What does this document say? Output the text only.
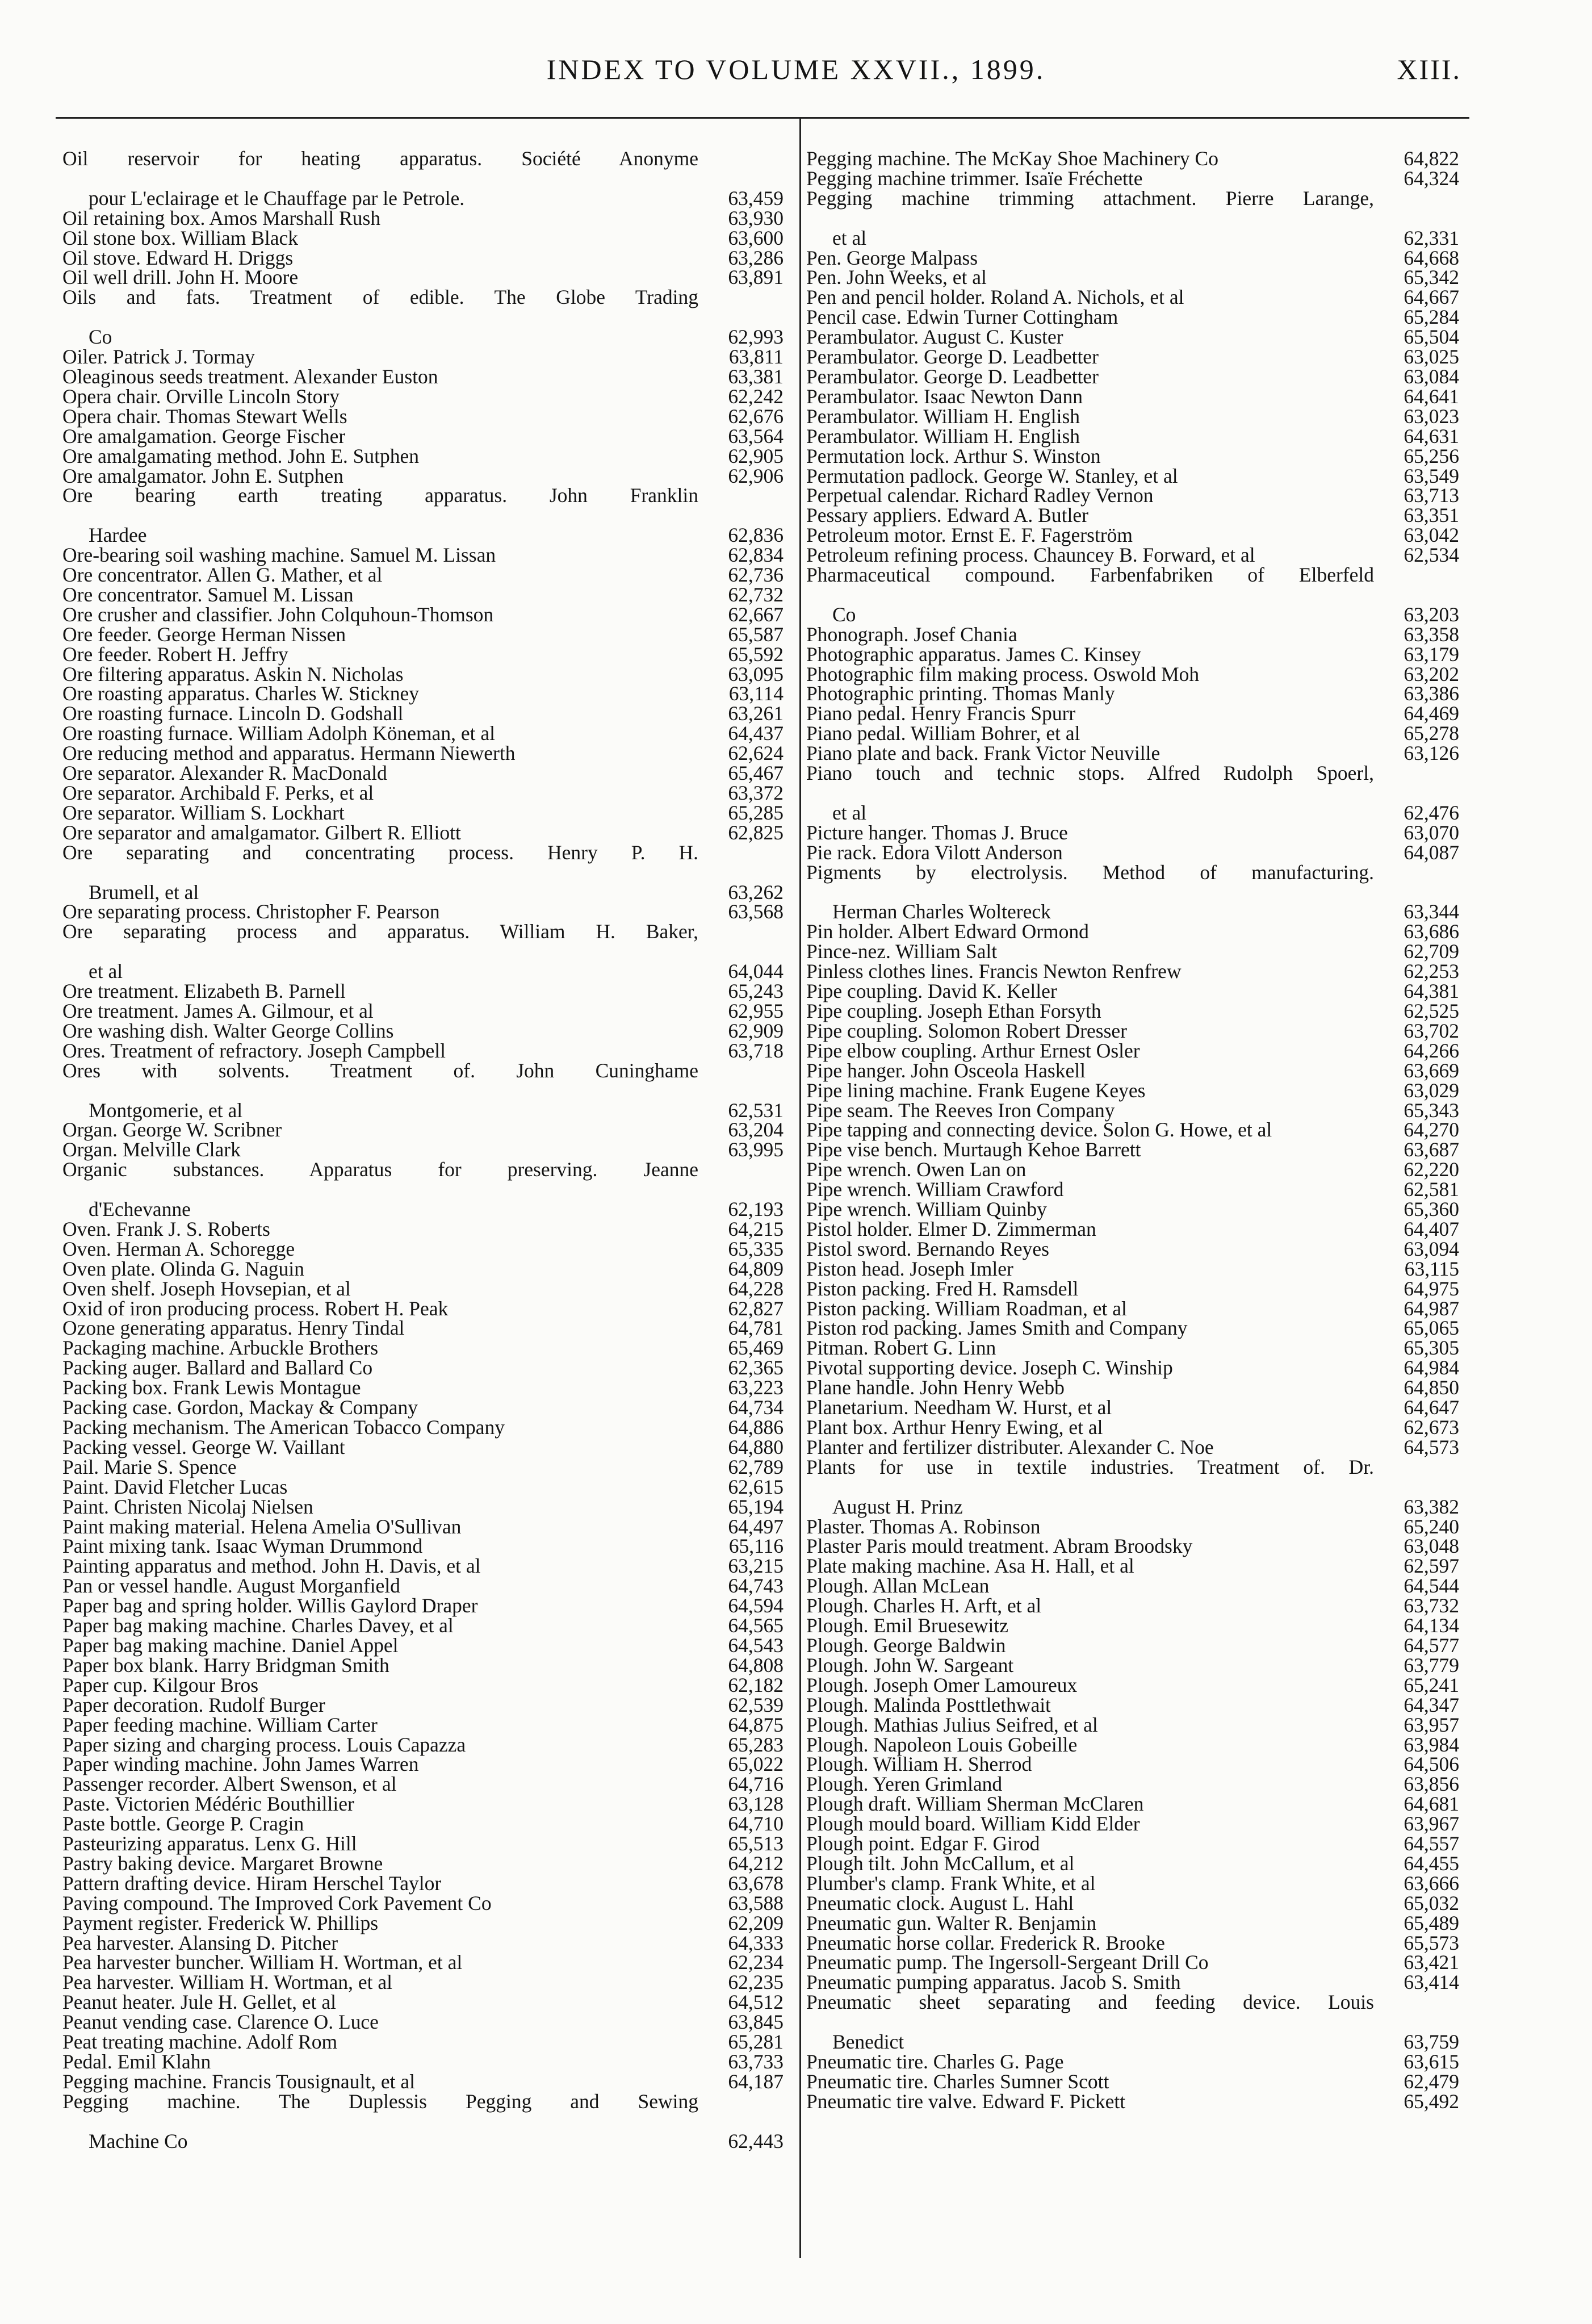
INDEX TO VOLUME XXVII., 1899.	XIII.
Oil reservoir for heating apparatus. Société Anonyme
pour L'eclairage et le Chauffage par le Petrole.	63,459
Oil retaining box. Amos Marshall Rush	63,930
Oil stone box. William Black	63,600
Oil stove. Edward H. Driggs	63,286
Oil well drill. John H. Moore	63,891
Oils and fats. Treatment of edible. The Globe Trading
Co	62,993
Oiler. Patrick J. Tormay	63,811
Oleaginous seeds treatment. Alexander Euston	63,381
Opera chair. Orville Lincoln Story	62,242
Opera chair. Thomas Stewart Wells	62,676
Ore amalgamation. George Fischer	63,564
Ore amalgamating method. John E. Sutphen	62,905
Ore amalgamator. John E. Sutphen	62,906
Ore bearing earth treating apparatus. John Franklin
Hardee	62,836
Ore-bearing soil washing machine. Samuel M. Lissan	62,834
Ore concentrator. Allen G. Mather, et al	62,736
Ore concentrator. Samuel M. Lissan	62,732
Ore crusher and classifier. John Colquhoun-Thomson	62,667
Ore feeder. George Herman Nissen	65,587
Ore feeder. Robert H. Jeffry	65,592
Ore filtering apparatus. Askin N. Nicholas	63,095
Ore roasting apparatus. Charles W. Stickney	63,114
Ore roasting furnace. Lincoln D. Godshall	63,261
Ore roasting furnace. William Adolph Köneman, et al	64,437
Ore reducing method and apparatus. Hermann Niewerth	62,624
Ore separator. Alexander R. MacDonald	65,467
Ore separator. Archibald F. Perks, et al	63,372
Ore separator. William S. Lockhart	65,285
Ore separator and amalgamator. Gilbert R. Elliott	62,825
Ore separating and concentrating process. Henry P. H.
Brumell, et al	63,262
Ore separating process. Christopher F. Pearson	63,568
Ore separating process and apparatus. William H. Baker,
et al	64,044
Ore treatment. Elizabeth B. Parnell	65,243
Ore treatment. James A. Gilmour, et al	62,955
Ore washing dish. Walter George Collins	62,909
Ores. Treatment of refractory. Joseph Campbell	63,718
Ores with solvents. Treatment of. John Cuninghame
Montgomerie, et al	62,531
Organ. George W. Scribner	63,204
Organ. Melville Clark	63,995
Organic substances. Apparatus for preserving. Jeanne
d'Echevanne	62,193
Oven. Frank J. S. Roberts	64,215
Oven. Herman A. Schoregge	65,335
Oven plate. Olinda G. Naguin	64,809
Oven shelf. Joseph Hovsepian, et al	64,228
Oxid of iron producing process. Robert H. Peak	62,827
Ozone generating apparatus. Henry Tindal	64,781
Packaging machine. Arbuckle Brothers	65,469
Packing auger. Ballard and Ballard Co	62,365
Packing box. Frank Lewis Montague	63,223
Packing case. Gordon, Mackay & Company	64,734
Packing mechanism. The American Tobacco Company	64,886
Packing vessel. George W. Vaillant	64,880
Pail. Marie S. Spence	62,789
Paint. David Fletcher Lucas	62,615
Paint. Christen Nicolaj Nielsen	65,194
Paint making material. Helena Amelia O'Sullivan	64,497
Paint mixing tank. Isaac Wyman Drummond	65,116
Painting apparatus and method. John H. Davis, et al	63,215
Pan or vessel handle. August Morganfield	64,743
Paper bag and spring holder. Willis Gaylord Draper	64,594
Paper bag making machine. Charles Davey, et al	64,565
Paper bag making machine. Daniel Appel	64,543
Paper box blank. Harry Bridgman Smith	64,808
Paper cup. Kilgour Bros	62,182
Paper decoration. Rudolf Burger	62,539
Paper feeding machine. William Carter	64,875
Paper sizing and charging process. Louis Capazza	65,283
Paper winding machine. John James Warren	65,022
Passenger recorder. Albert Swenson, et al	64,716
Paste. Victorien Médéric Bouthillier	63,128
Paste bottle. George P. Cragin	64,710
Pasteurizing apparatus. Lenx G. Hill	65,513
Pastry baking device. Margaret Browne	64,212
Pattern drafting device. Hiram Herschel Taylor	63,678
Paving compound. The Improved Cork Pavement Co	63,588
Payment register. Frederick W. Phillips	62,209
Pea harvester. Alansing D. Pitcher	64,333
Pea harvester buncher. William H. Wortman, et al	62,234
Pea harvester. William H. Wortman, et al	62,235
Peanut heater. Jule H. Gellet, et al	64,512
Peanut vending case. Clarence O. Luce	63,845
Peat treating machine. Adolf Rom	65,281
Pedal. Emil Klahn	63,733
Pegging machine. Francis Tousignault, et al	64,187
Pegging machine. The Duplessis Pegging and Sewing
Machine Co	62,443
Pegging machine. The McKay Shoe Machinery Co	64,822
Pegging machine trimmer. Isaïe Fréchette	64,324
Pegging machine trimming attachment. Pierre Larange,
et al	62,331
Pen. George Malpass	64,668
Pen. John Weeks, et al	65,342
Pen and pencil holder. Roland A. Nichols, et al	64,667
Pencil case. Edwin Turner Cottingham	65,284
Perambulator. August C. Kuster	65,504
Perambulator. George D. Leadbetter	63,025
Perambulator. George D. Leadbetter	63,084
Perambulator. Isaac Newton Dann	64,641
Perambulator. William H. English	63,023
Perambulator. William H. English	64,631
Permutation lock. Arthur S. Winston	65,256
Permutation padlock. George W. Stanley, et al	63,549
Perpetual calendar. Richard Radley Vernon	63,713
Pessary appliers. Edward A. Butler	63,351
Petroleum motor. Ernst E. F. Fagerström	63,042
Petroleum refining process. Chauncey B. Forward, et al	62,534
Pharmaceutical compound. Farbenfabriken of Elberfeld
Co	63,203
Phonograph. Josef Chania	63,358
Photographic apparatus. James C. Kinsey	63,179
Photographic film making process. Oswold Moh	63,202
Photographic printing. Thomas Manly	63,386
Piano pedal. Henry Francis Spurr	64,469
Piano pedal. William Bohrer, et al	65,278
Piano plate and back. Frank Victor Neuville	63,126
Piano touch and technic stops. Alfred Rudolph Spoerl,
et al	62,476
Picture hanger. Thomas J. Bruce	63,070
Pie rack. Edora Vilott Anderson	64,087
Pigments by electrolysis. Method of manufacturing.
Herman Charles Woltereck	63,344
Pin holder. Albert Edward Ormond	63,686
Pince-nez. William Salt	62,709
Pinless clothes lines. Francis Newton Renfrew	62,253
Pipe coupling. David K. Keller	64,381
Pipe coupling. Joseph Ethan Forsyth	62,525
Pipe coupling. Solomon Robert Dresser	63,702
Pipe elbow coupling. Arthur Ernest Osler	64,266
Pipe hanger. John Osceola Haskell	63,669
Pipe lining machine. Frank Eugene Keyes	63,029
Pipe seam. The Reeves Iron Company	65,343
Pipe tapping and connecting device. Solon G. Howe, et al	64,270
Pipe vise bench. Murtaugh Kehoe Barrett	63,687
Pipe wrench. Owen Lan on	62,220
Pipe wrench. William Crawford	62,581
Pipe wrench. William Quinby	65,360
Pistol holder. Elmer D. Zimmerman	64,407
Pistol sword. Bernando Reyes	63,094
Piston head. Joseph Imler	63,115
Piston packing. Fred H. Ramsdell	64,975
Piston packing. William Roadman, et al	64,987
Piston rod packing. James Smith and Company	65,065
Pitman. Robert G. Linn	65,305
Pivotal supporting device. Joseph C. Winship	64,984
Plane handle. John Henry Webb	64,850
Planetarium. Needham W. Hurst, et al	64,647
Plant box. Arthur Henry Ewing, et al	62,673
Planter and fertilizer distributer. Alexander C. Noe	64,573
Plants for use in textile industries. Treatment of. Dr.
August H. Prinz	63,382
Plaster. Thomas A. Robinson	65,240
Plaster Paris mould treatment. Abram Broodsky	63,048
Plate making machine. Asa H. Hall, et al	62,597
Plough. Allan McLean	64,544
Plough. Charles H. Arft, et al	63,732
Plough. Emil Bruesewitz	64,134
Plough. George Baldwin	64,577
Plough. John W. Sargeant	63,779
Plough. Joseph Omer Lamoureux	65,241
Plough. Malinda Posttlethwait	64,347
Plough. Mathias Julius Seifred, et al	63,957
Plough. Napoleon Louis Gobeille	63,984
Plough. William H. Sherrod	64,506
Plough. Yeren Grimland	63,856
Plough draft. William Sherman McClaren	64,681
Plough mould board. William Kidd Elder	63,967
Plough point. Edgar F. Girod	64,557
Plough tilt. John McCallum, et al	64,455
Plumber's clamp. Frank White, et al	63,666
Pneumatic clock. August L. Hahl	65,032
Pneumatic gun. Walter R. Benjamin	65,489
Pneumatic horse collar. Frederick R. Brooke	65,573
Pneumatic pump. The Ingersoll-Sergeant Drill Co	63,421
Pneumatic pumping apparatus. Jacob S. Smith	63,414
Pneumatic sheet separating and feeding device. Louis
Benedict	63,759
Pneumatic tire. Charles G. Page	63,615
Pneumatic tire. Charles Sumner Scott	62,479
Pneumatic tire valve. Edward F. Pickett	65,492
